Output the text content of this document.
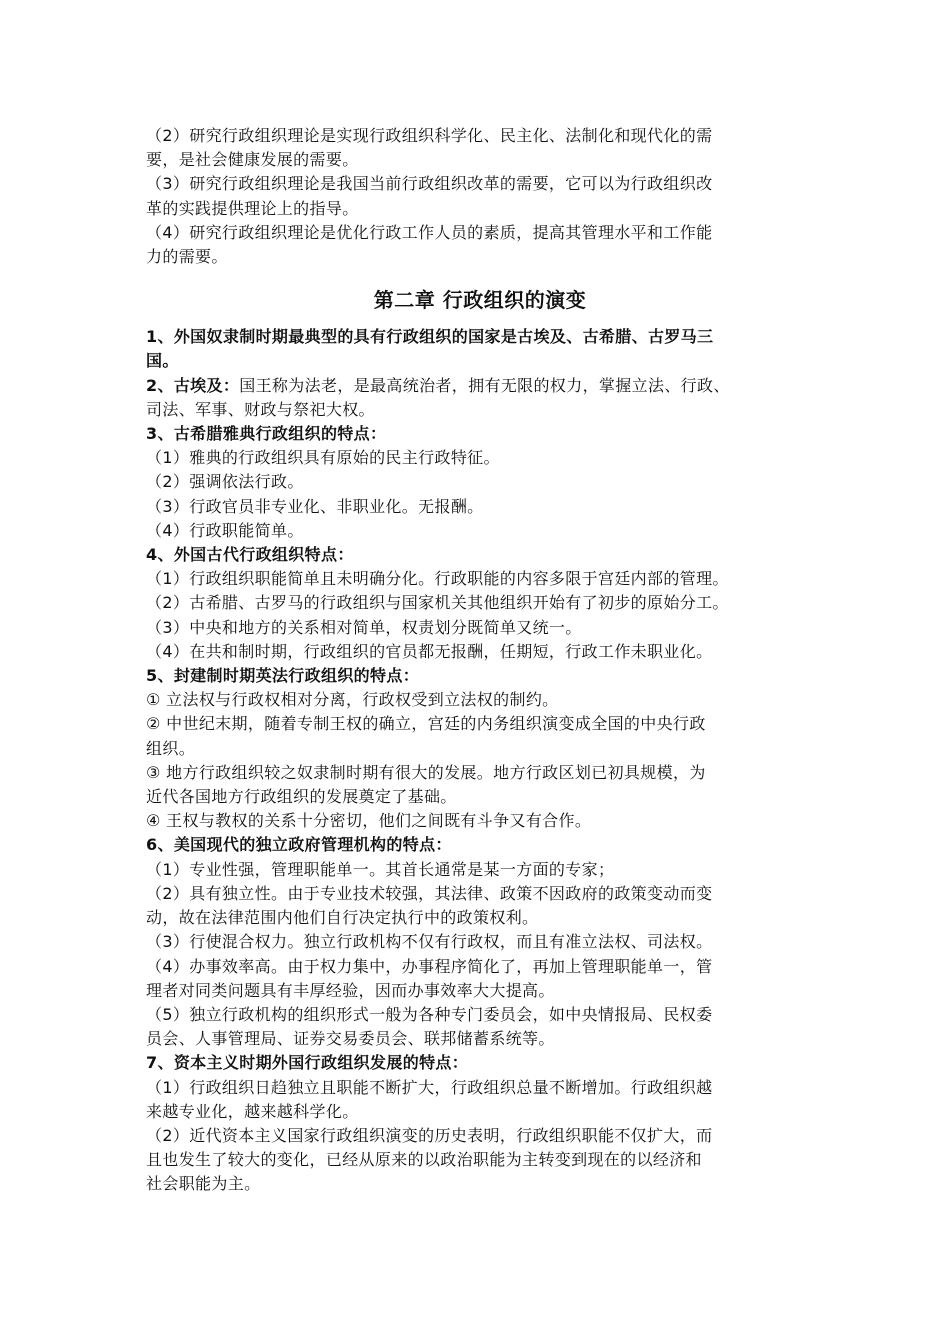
（2）研究行政组织理论是实现行政组织科学化、民主化、法制化和现代化的需
要，是社会健康发展的需要。
（3）研究行政组织理论是我国当前行政组织改革的需要，它可以为行政组织改
革的实践提供理论上的指导。
（4）研究行政组织理论是优化行政工作人员的素质，提高其管理水平和工作能
力的需要。
第二章 行政组织的演变
1、外国奴隶制时期最典型的具有行政组织的国家是古埃及、古希腊、古罗马三
国。
2、古埃及：国王称为法老，是最高统治者，拥有无限的权力，掌握立法、行政、
司法、军事、财政与祭祀大权。
3、古希腊雅典行政组织的特点：
（1）雅典的行政组织具有原始的民主行政特征。
（2）强调依法行政。
（3）行政官员非专业化、非职业化。无报酬。
（4）行政职能简单。
4、外国古代行政组织特点：
（1）行政组织职能简单且未明确分化。行政职能的内容多限于宫廷内部的管理。
（2）古希腊、古罗马的行政组织与国家机关其他组织开始有了初步的原始分工。
（3）中央和地方的关系相对简单，权责划分既简单又统一。
（4）在共和制时期，行政组织的官员都无报酬，任期短，行政工作未职业化。
5、封建制时期英法行政组织的特点：
① 立法权与行政权相对分离，行政权受到立法权的制约。
② 中世纪末期，随着专制王权的确立，宫廷的内务组织演变成全国的中央行政
组织。
③ 地方行政组织较之奴隶制时期有很大的发展。地方行政区划已初具规模，为
近代各国地方行政组织的发展奠定了基础。
④ 王权与教权的关系十分密切，他们之间既有斗争又有合作。
6、美国现代的独立政府管理机构的特点：
（1）专业性强，管理职能单一。其首长通常是某一方面的专家；
（2）具有独立性。由于专业技术较强，其法律、政策不因政府的政策变动而变
动，故在法律范围内他们自行决定执行中的政策权利。
（3）行使混合权力。独立行政机构不仅有行政权，而且有准立法权、司法权。
（4）办事效率高。由于权力集中，办事程序简化了，再加上管理职能单一，管
理者对同类问题具有丰厚经验，因而办事效率大大提高。
（5）独立行政机构的组织形式一般为各种专门委员会，如中央情报局、民权委
员会、人事管理局、证券交易委员会、联邦储蓄系统等。
7、资本主义时期外国行政组织发展的特点：
（1）行政组织日趋独立且职能不断扩大，行政组织总量不断增加。行政组织越
来越专业化，越来越科学化。
（2）近代资本主义国家行政组织演变的历史表明，行政组织职能不仅扩大，而
且也发生了较大的变化，已经从原来的以政治职能为主转变到现在的以经济和
社会职能为主。
